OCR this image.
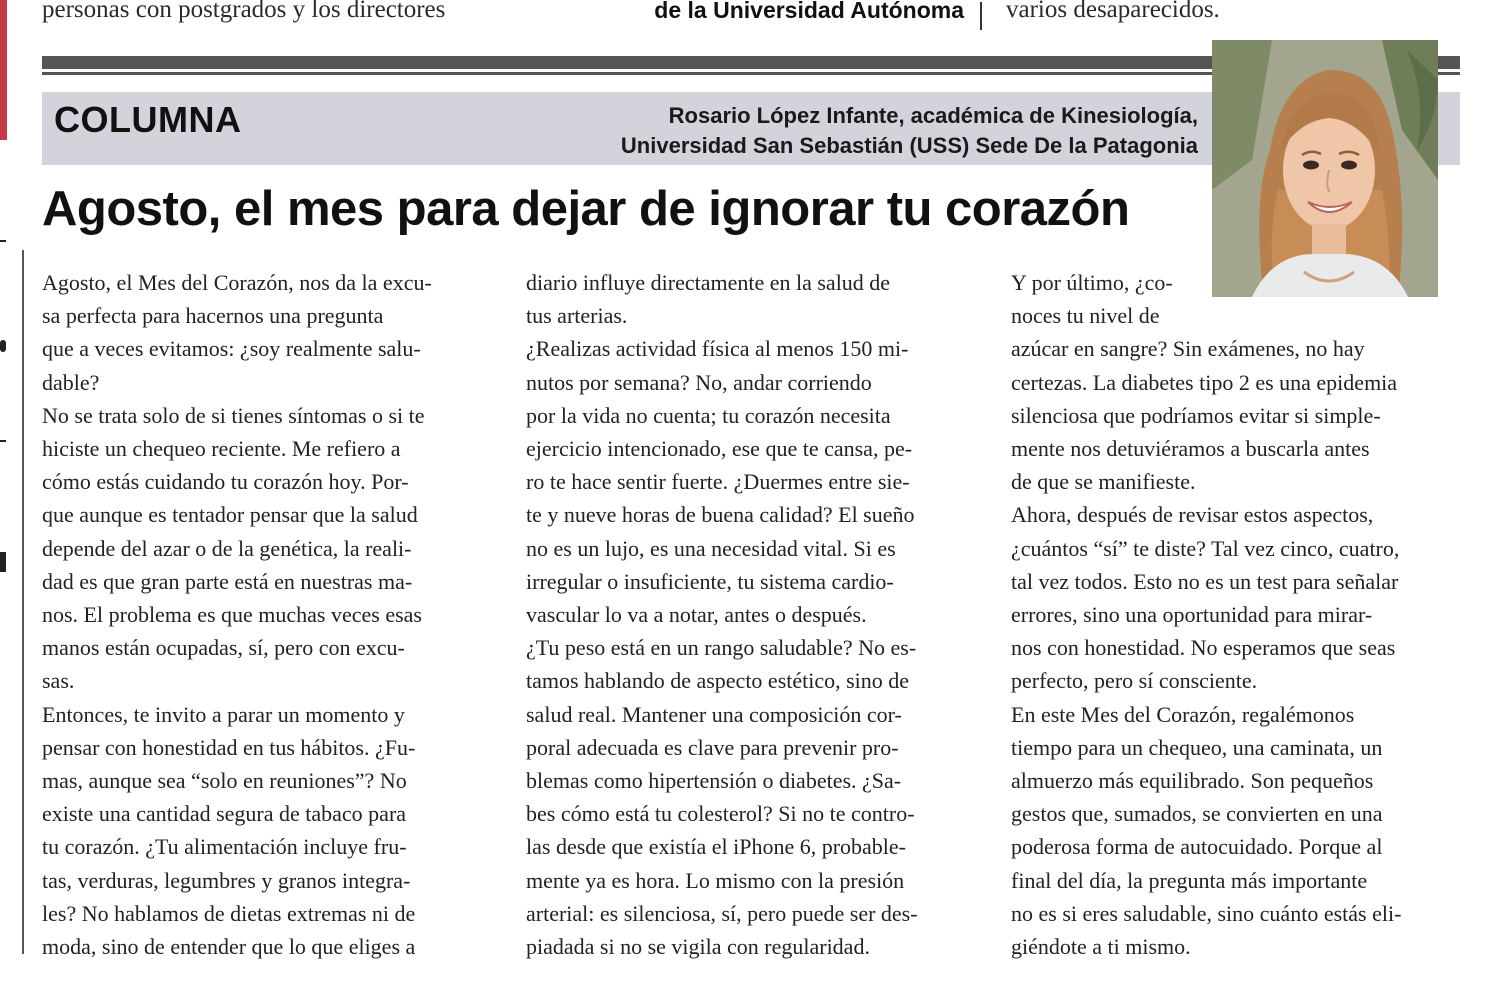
personas con postgrados y los directores	de la Universidad Autónoma varios desaparecidos.
COLUMNA	Rosario López Infante, académica de Kinesiología,
Universidad San Sebastián (USS) Sede De la Patagonia
Agosto, el mes para dejar de ignorar tu corazón
Agosto, el Mes del Corazón, nos da la excu-
sa perfecta para hacernos una pregunta
que a veces evitamos: ¿soy realmente salu-
dable?
No se trata solo de si tienes síntomas o si te
hiciste un chequeo reciente. Me refiero a
cómo estás cuidando tu corazón hoy. Por-
que aunque es tentador pensar que la salud
depende del azar o de la genética, la reali-
dad es que gran parte está en nuestras ma-
nos. El problema es que muchas veces esas
manos están ocupadas, sí, pero con excu-
sas.
Entonces, te invito a parar un momento y
pensar con honestidad en tus hábitos. ¿Fu-
mas, aunque sea “solo en reuniones”? No
existe una cantidad segura de tabaco para
tu corazón. ¿Tu alimentación incluye fru-
tas, verduras, legumbres y granos integra-
les? No hablamos de dietas extremas ni de
moda, sino de entender que lo que eliges a
diario influye directamente en la salud de
tus arterias.
¿Realizas actividad física al menos 150 mi-
nutos por semana? No, andar corriendo
por la vida no cuenta; tu corazón necesita
ejercicio intencionado, ese que te cansa, pe-
ro te hace sentir fuerte. ¿Duermes entre sie-
te y nueve horas de buena calidad? El sueño
no es un lujo, es una necesidad vital. Si es
irregular o insuficiente, tu sistema cardio-
vascular lo va a notar, antes o después.
¿Tu peso está en un rango saludable? No es-
tamos hablando de aspecto estético, sino de
salud real. Mantener una composición cor-
poral adecuada es clave para prevenir pro-
blemas como hipertensión o diabetes. ¿Sa-
bes cómo está tu colesterol? Si no te contro-
las desde que existía el iPhone 6, probable-
mente ya es hora. Lo mismo con la presión
arterial: es silenciosa, sí, pero puede ser des-
piadada si no se vigila con regularidad.
Y por último, ¿co-
noces tu nivel de
azúcar en sangre? Sin exámenes, no hay
certezas. La diabetes tipo 2 es una epidemia
silenciosa que podríamos evitar si simple-
mente nos detuviéramos a buscarla antes
de que se manifieste.
Ahora, después de revisar estos aspectos,
¿cuántos “sí” te diste? Tal vez cinco, cuatro,
tal vez todos. Esto no es un test para señalar
errores, sino una oportunidad para mirar-
nos con honestidad. No esperamos que seas
perfecto, pero sí consciente.
En este Mes del Corazón, regalémonos
tiempo para un chequeo, una caminata, un
almuerzo más equilibrado. Son pequeños
gestos que, sumados, se convierten en una
poderosa forma de autocuidado. Porque al
final del día, la pregunta más importante
no es si eres saludable, sino cuánto estás eli-
giéndote a ti mismo.
